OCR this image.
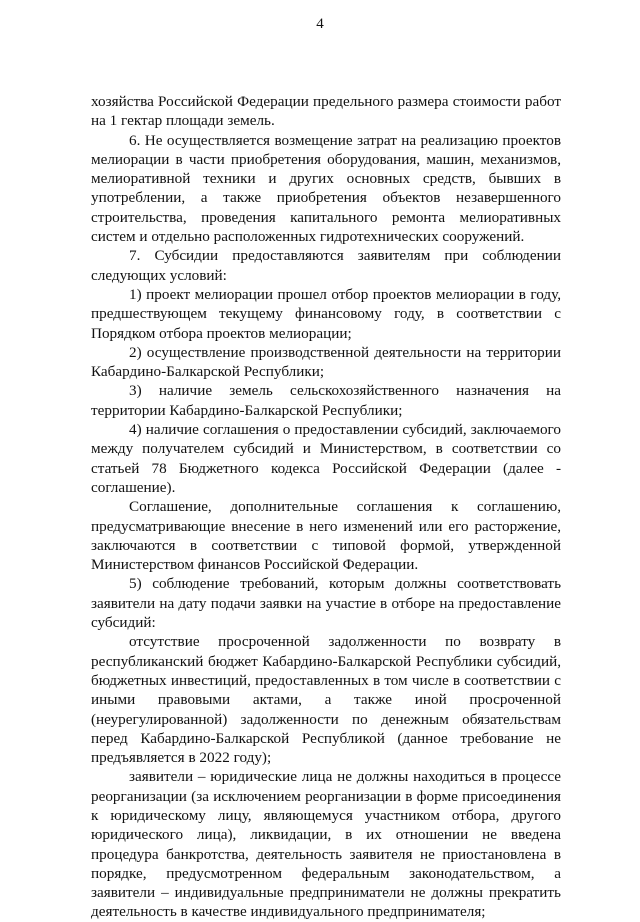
4

хозяйства Российской Федерации предельного размера стоимости работ на 1 гектар площади земель.

6. Не осуществляется возмещение затрат на реализацию проектов мелиорации в части приобретения оборудования, машин, механизмов, мелиоративной техники и других основных средств, бывших в употреблении, а также приобретения объектов незавершенного строительства, проведения капитального ремонта мелиоративных систем и отдельно расположенных гидротехнических сооружений.

7. Субсидии предоставляются заявителям при соблюдении следующих условий:

1) проект мелиорации прошел отбор проектов мелиорации в году, предшествующем текущему финансовому году, в соответствии с Порядком отбора проектов мелиорации;

2) осуществление производственной деятельности на территории Кабардино-Балкарской Республики;

3) наличие земель сельскохозяйственного назначения на территории Кабардино-Балкарской Республики;

4) наличие соглашения о предоставлении субсидий, заключаемого между получателем субсидий и Министерством, в соответствии со статьей 78 Бюджетного кодекса Российской Федерации (далее - соглашение).

Соглашение, дополнительные соглашения к соглашению, предусматривающие внесение в него изменений или его расторжение, заключаются в соответствии с типовой формой, утвержденной Министерством финансов Российской Федерации.

5) соблюдение требований, которым должны соответствовать заявители на дату подачи заявки на участие в отборе на предоставление субсидий:

отсутствие просроченной задолженности по возврату в республиканский бюджет Кабардино-Балкарской Республики субсидий, бюджетных инвестиций, предоставленных в том числе в соответствии с иными правовыми актами, а также иной просроченной (неурегулированной) задолженности по денежным обязательствам перед Кабардино-Балкарской Республикой (данное требование не предъявляется в 2022 году);

заявители – юридические лица не должны находиться в процессе реорганизации (за исключением реорганизации в форме присоединения к юридическому лицу, являющемуся участником отбора, другого юридического лица), ликвидации, в их отношении не введена процедура банкротства, деятельность заявителя не приостановлена в порядке, предусмотренном федеральным законодательством, а заявители – индивидуальные предприниматели не должны прекратить деятельность в качестве индивидуального предпринимателя;
